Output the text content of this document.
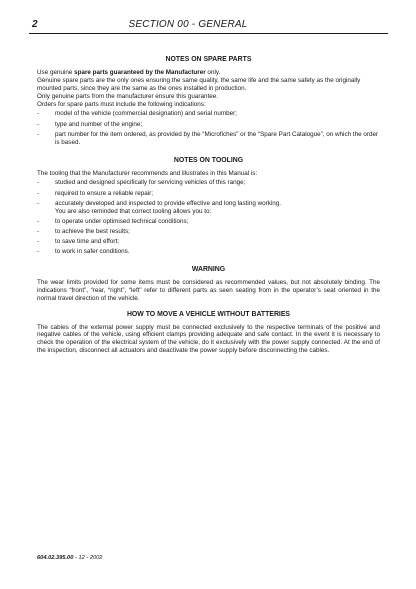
2	SECTION 00 - GENERAL
NOTES ON SPARE PARTS

Use genuine spare parts guaranteed by the Manufacturer only.

Genuine spare parts are the only ones ensuring the same quality, the same life and the same safety as the originally mounted parts, since they are the same as the ones installed in production.

Only genuine parts from the manufacturer ensure this guarantee.

Orders for spare parts must include the following indications:

-	model of the vehicle (commercial designation) and serial number;
-	type and number of the engine;
-	part number for the item ordered, as provided by the “Microfiches” or the “Spare Part Catalogue”, on which the order is based.
NOTES ON TOOLING

The tooling that the Manufacturer recommends and illustrates in this Manual is:

-	studied and designed specifically for servicing vehicles of this range;
-	required to ensure a reliable repair;
-	accurately developed and inspected to provide effective and long lasting working.
You are also reminded that correct tooling allows you to:
-	to operate under optimised technical conditions;
-	to achieve the best results;
-	to save time and effort;
-	to work in safer conditions.
WARNING

The wear limits provided for some items must be considered as recommended values, but not absolutely binding. The indications “front”, “rear, “right”, “left” refer to different parts as seen seating from in the operator’s seat oriented in the normal travel direction of the vehicle.

HOW TO MOVE A VEHICLE WITHOUT BATTERIES

The cables of the external power supply must be connected exclusively to the respective terminals of the positive and negative cables of the vehicle, using efficient clamps providing adequate and safe contact. In the event it is necessary to check the operation of the electrical system of the vehicle, do it exclusively with the power supply connected. At the end of the inspection, disconnect all actuators and deactivate the power supply before disconnecting the cables.

604.02.395.00 - 12 - 2002
